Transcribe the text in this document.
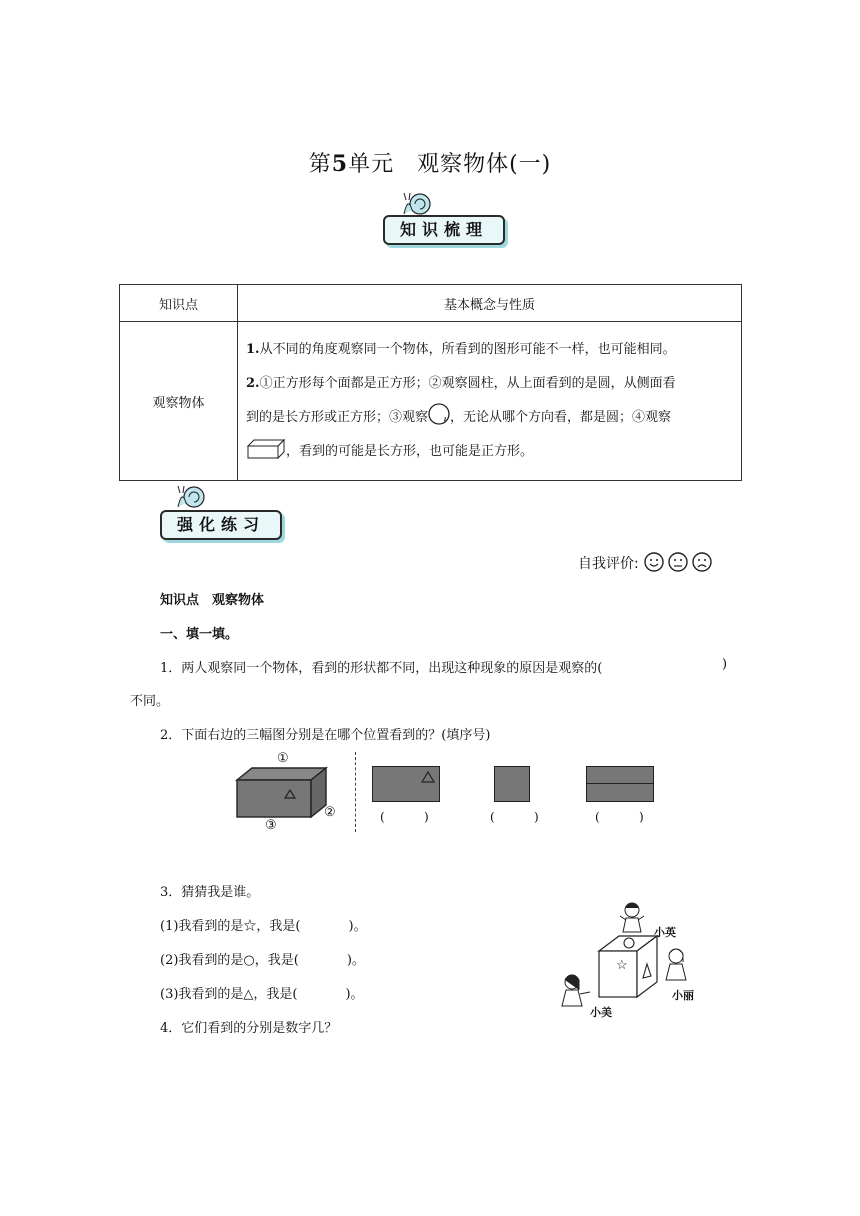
第5单元　观察物体(一)
知识梳理
知识点	基本概念与性质
观察物体	1.从不同的角度观察同一个物体，所看到的图形可能不一样，也可能相同。
2.①正方形每个面都是正方形；②观察圆柱，从上面看到的是圆，从侧面看
到的是长方形或正方形；③观察 ，无论从哪个方向看，都是圆；④观察
，看到的可能是长方形，也可能是正方形。
强化练习
自我评价:
知识点　观察物体
一、填一填。
1．两人观察同一个物体，看到的形状都不同，出现这种现象的原因是观察的(	)
不同。
2．下面右边的三幅图分别是在哪个位置看到的？(填序号)
①
②
③
(	)	(	)	(	)
3．猜猜我是谁。
(1)我看到的是☆，我是(	)。
(2)我看到的是○，我是(	)。
(3)我看到的是△，我是(	)。
☆
小英
小丽
小美
4．它们看到的分别是数字几？
